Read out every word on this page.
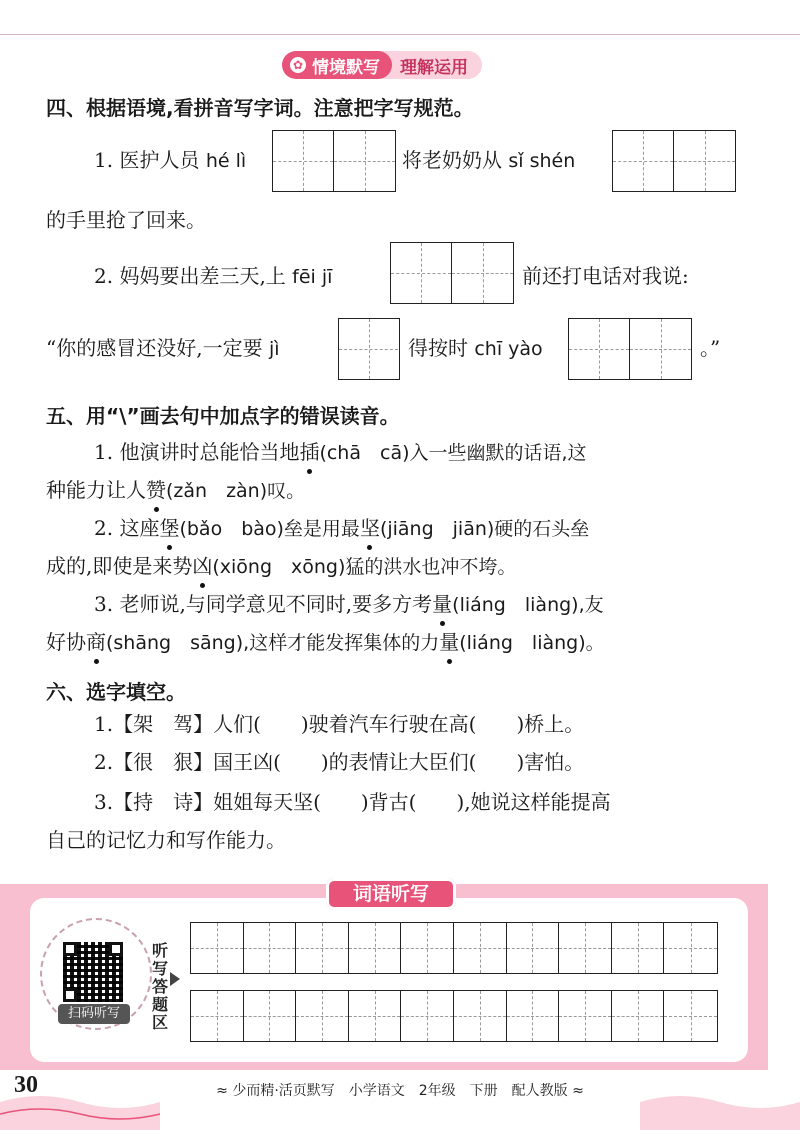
✿ 情境默写	理解运用
四、根据语境,看拼音写字词。注意把字写规范。
1. 医护人员 hé lì	将老奶奶从 sǐ shén
的手里抢了回来。
2. 妈妈要出差三天,上 fēi jī	前还打电话对我说:
“你的感冒还没好,一定要 jì	得按时 chī yào	。”
五、用“\”画去句中加点字的错误读音。
1. 他演讲时总能恰当地插(chā　cā)入一些幽默的话语,这
种能力让人赞(zǎn　zàn)叹。
2. 这座堡(bǎo　bào)垒是用最坚(jiāng　jiān)硬的石头垒
成的,即使是来势凶(xiōng　xōng)猛的洪水也冲不垮。
3. 老师说,与同学意见不同时,要多方考量(liáng　liàng),友
好协商(shāng　sāng),这样才能发挥集体的力量(liáng　liàng)。
六、选字填空。
1.【架　驾】人们(　　)驶着汽车行驶在高(　　)桥上。
2.【很　狠】国王凶(　　)的表情让大臣们(　　)害怕。
3.【持　诗】姐姐每天坚(　　)背古(　　),她说这样能提高
自己的记忆力和写作能力。
词语听写
扫码听写
听写答题区
30	≈ 少而精·活页默写　小学语文　2年级　下册　配人教版 ≈
